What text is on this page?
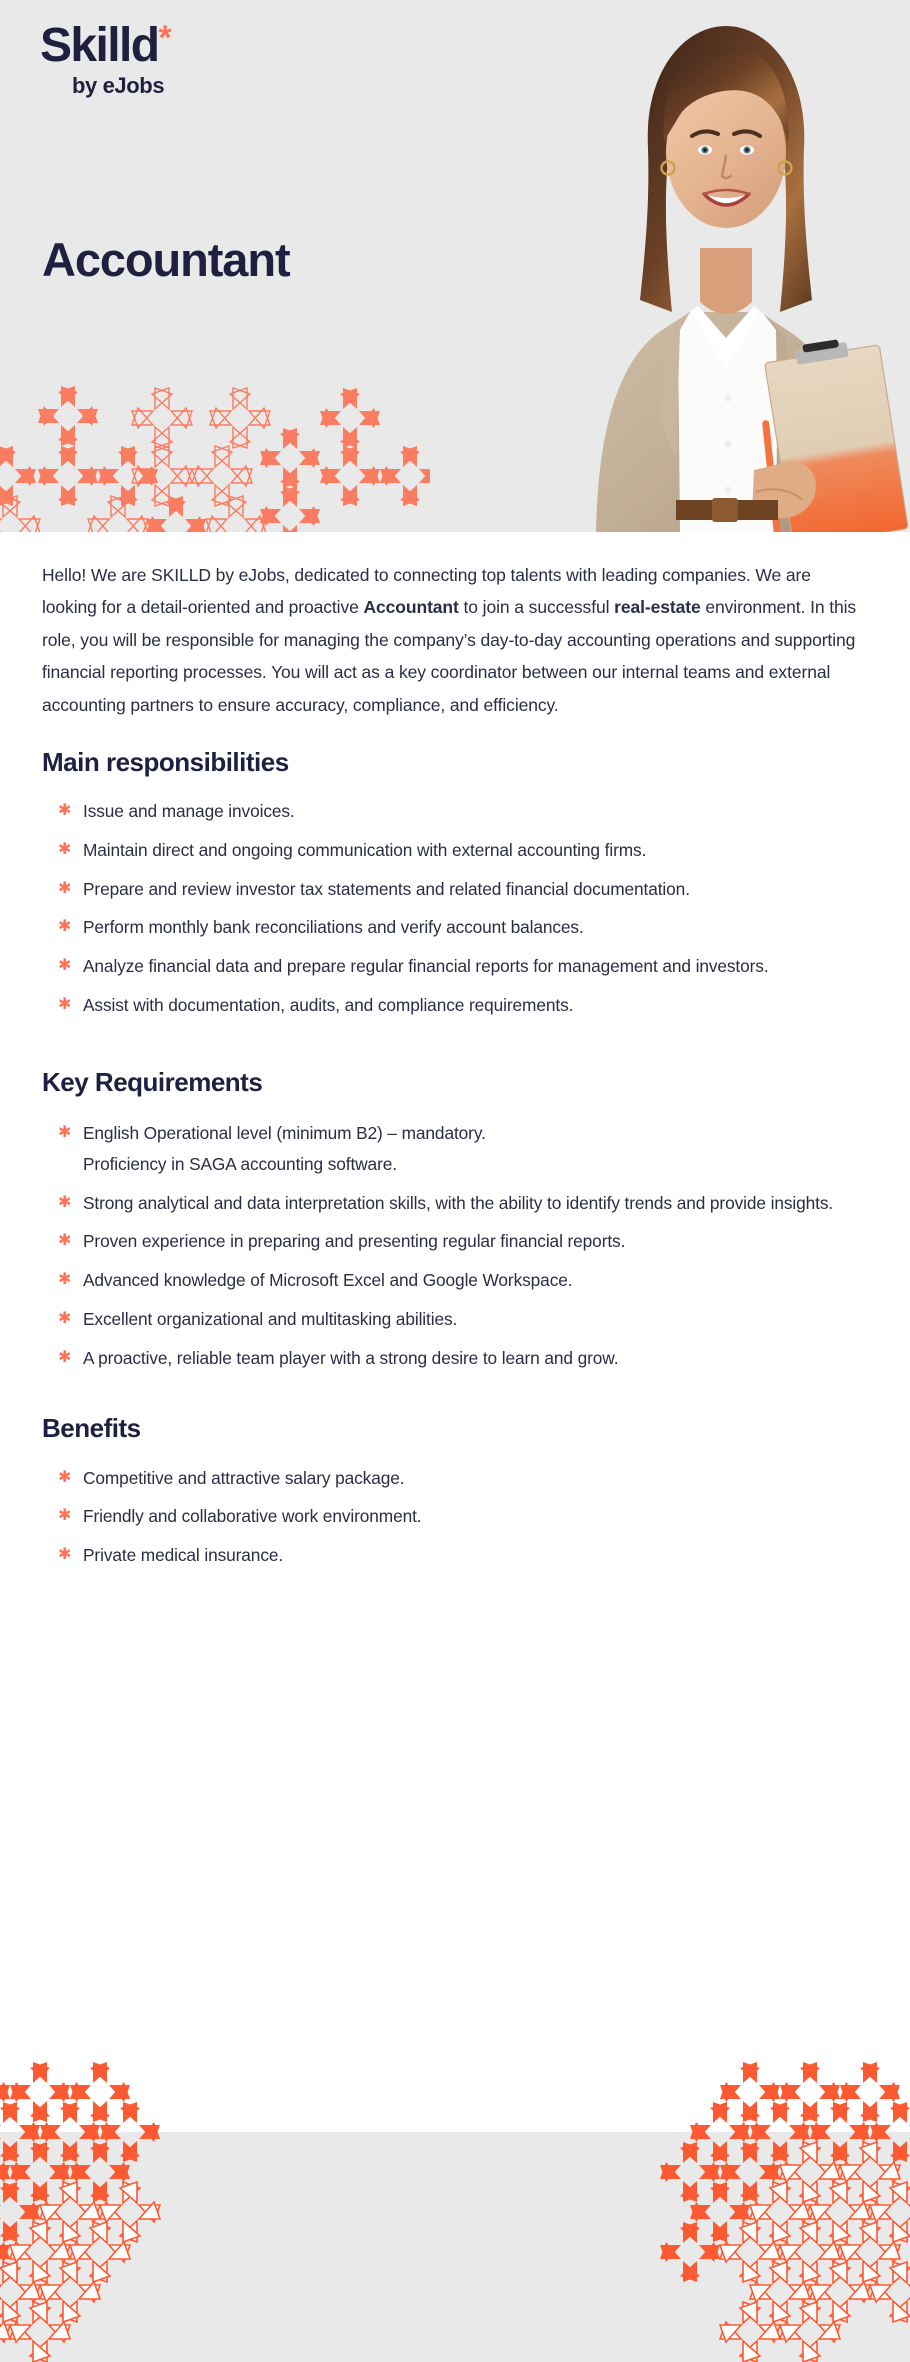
Skilld*
by eJobs
Accountant

Hello! We are SKILLD by eJobs, dedicated to connecting top talents with leading companies. We are looking for a detail-oriented and proactive Accountant to join a successful real-estate environment. In this role, you will be responsible for managing the company’s day-to-day accounting operations and supporting financial reporting processes. You will act as a key coordinator between our internal teams and external accounting partners to ensure accuracy, compliance, and efficiency.

Main responsibilities
✱ Issue and manage invoices.
✱ Maintain direct and ongoing communication with external accounting firms.
✱ Prepare and review investor tax statements and related financial documentation.
✱ Perform monthly bank reconciliations and verify account balances.
✱ Analyze financial data and prepare regular financial reports for management and investors.
✱ Assist with documentation, audits, and compliance requirements.
Key Requirements
✱ English Operational level (minimum B2) – mandatory.
Proficiency in SAGA accounting software.
✱ Strong analytical and data interpretation skills, with the ability to identify trends and provide insights.
✱ Proven experience in preparing and presenting regular financial reports.
✱ Advanced knowledge of Microsoft Excel and Google Workspace.
✱ Excellent organizational and multitasking abilities.
✱ A proactive, reliable team player with a strong desire to learn and grow.
Benefits
✱ Competitive and attractive salary package.
✱ Friendly and collaborative work environment.
✱ Private medical insurance.
